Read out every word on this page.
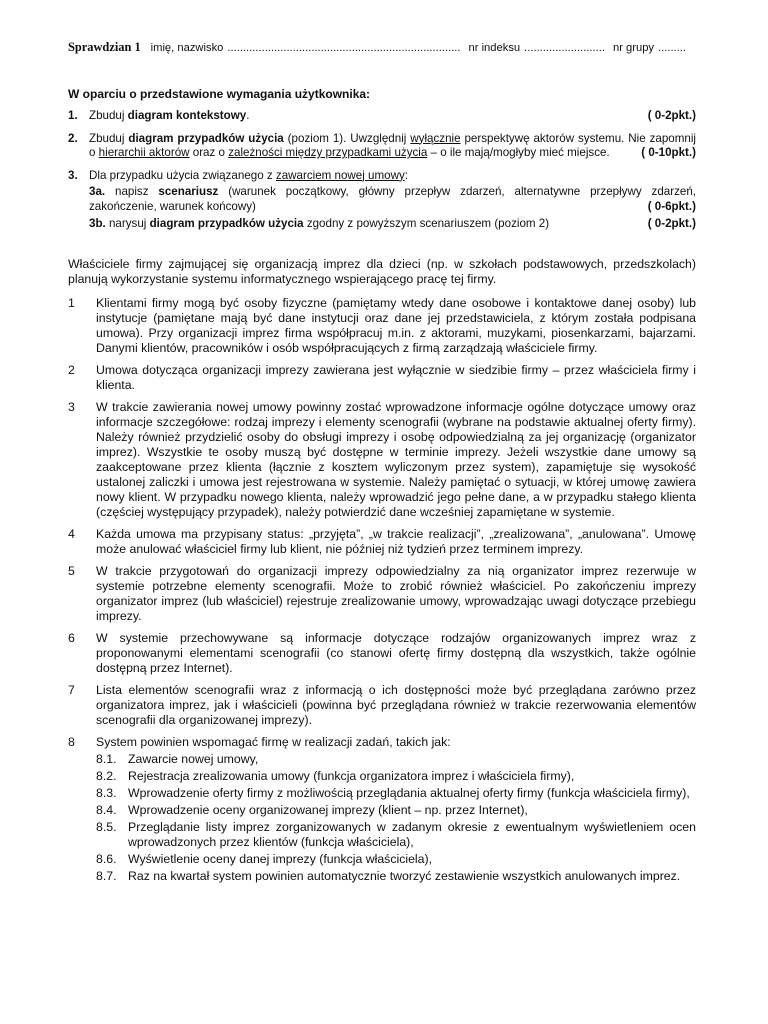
Sprawdzian 1 imię, nazwisko ........................................................................... nr indeksu .......................... nr grupy .........
W oparciu o przedstawione wymagania użytkownika:
1. Zbuduj diagram kontekstowy.	( 0-2pkt.)
2. Zbuduj diagram przypadków użycia (poziom 1). Uwzględnij wyłącznie perspektywę aktorów systemu. Nie zapomnij o hierarchii aktorów oraz o zależności między przypadkami użycia – o ile mają/mogłyby mieć miejsce.	( 0-10pkt.)
3. Dla przypadku użycia związanego z zawarciem nowej umowy:
3a. napisz scenariusz (warunek początkowy, główny przepływ zdarzeń, alternatywne przepływy zdarzeń, zakończenie, warunek końcowy)	( 0-6pkt.)
3b. narysuj diagram przypadków użycia zgodny z powyższym scenariuszem (poziom 2)	( 0-2pkt.)
Właściciele firmy zajmującej się organizacją imprez dla dzieci (np. w szkołach podstawowych, przedszkolach) planują wykorzystanie systemu informatycznego wspierającego pracę tej firmy.
1	Klientami firmy mogą być osoby fizyczne (pamiętamy wtedy dane osobowe i kontaktowe danej osoby) lub instytucje (pamiętane mają być dane instytucji oraz dane jej przedstawiciela, z którym została podpisana umowa). Przy organizacji imprez firma współpracuj m.in. z aktorami, muzykami, piosenkarzami, bajarzami. Danymi klientów, pracowników i osób współpracujących z firmą zarządzają właściciele firmy.
2	Umowa dotycząca organizacji imprezy zawierana jest wyłącznie w siedzibie firmy – przez właściciela firmy i klienta.
3	W trakcie zawierania nowej umowy powinny zostać wprowadzone informacje ogólne dotyczące umowy oraz informacje szczegółowe: rodzaj imprezy i elementy scenografii (wybrane na podstawie aktualnej oferty firmy). Należy również przydzielić osoby do obsługi imprezy i osobę odpowiedzialną za jej organizację (organizator imprez). Wszystkie te osoby muszą być dostępne w terminie imprezy. Jeżeli wszystkie dane umowy są zaakceptowane przez klienta (łącznie z kosztem wyliczonym przez system), zapamiętuje się wysokość ustalonej zaliczki i umowa jest rejestrowana w systemie. Należy pamiętać o sytuacji, w której umowę zawiera nowy klient. W przypadku nowego klienta, należy wprowadzić jego pełne dane, a w przypadku stałego klienta (częściej występujący przypadek), należy potwierdzić dane wcześniej zapamiętane w systemie.
4	Każda umowa ma przypisany status: „przyjęta”, „w trakcie realizacji”, „zrealizowana”, „anulowana”. Umowę może anulować właściciel firmy lub klient, nie później niż tydzień przez terminem imprezy.
5	W trakcie przygotowań do organizacji imprezy odpowiedzialny za nią organizator imprez rezerwuje w systemie potrzebne elementy scenografii. Może to zrobić również właściciel. Po zakończeniu imprezy organizator imprez (lub właściciel) rejestruje zrealizowanie umowy, wprowadzając uwagi dotyczące przebiegu imprezy.
6	W systemie przechowywane są informacje dotyczące rodzajów organizowanych imprez wraz z proponowanymi elementami scenografii (co stanowi ofertę firmy dostępną dla wszystkich, także ogólnie dostępną przez Internet).
7	Lista elementów scenografii wraz z informacją o ich dostępności może być przeglądana zarówno przez organizatora imprez, jak i właścicieli (powinna być przeglądana również w trakcie rezerwowania elementów scenografii dla organizowanej imprezy).
8	System powinien wspomagać firmę w realizacji zadań, takich jak:
8.1. Zawarcie nowej umowy,
8.2. Rejestracja zrealizowania umowy (funkcja organizatora imprez i właściciela firmy),
8.3. Wprowadzenie oferty firmy z możliwością przeglądania aktualnej oferty firmy (funkcja właściciela firmy),
8.4. Wprowadzenie oceny organizowanej imprezy (klient – np. przez Internet),
8.5. Przeglądanie listy imprez zorganizowanych w zadanym okresie z ewentualnym wyświetleniem ocen wprowadzonych przez klientów (funkcja właściciela),
8.6. Wyświetlenie oceny danej imprezy (funkcja właściciela),
8.7. Raz na kwartał system powinien automatycznie tworzyć zestawienie wszystkich anulowanych imprez.
